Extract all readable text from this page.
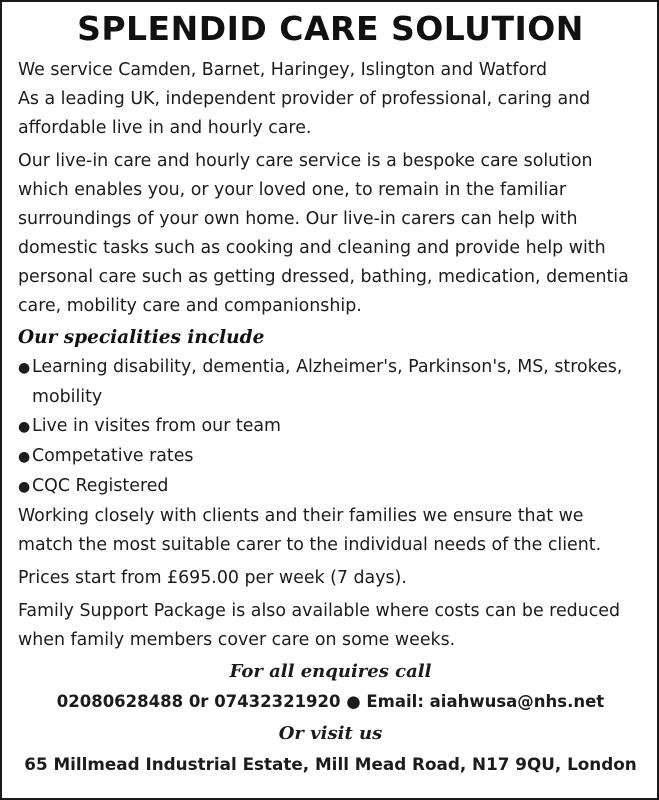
SPLENDID CARE SOLUTION

We service Camden, Barnet, Haringey, Islington and Watford

As a leading UK, independent provider of professional, caring and affordable live in and hourly care.

Our live-in care and hourly care service is a bespoke care solution which enables you, or your loved one, to remain in the familiar surroundings of your own home. Our live-in carers can help with domestic tasks such as cooking and cleaning and provide help with personal care such as getting dressed, bathing, medication, dementia care, mobility care and companionship.

Our specialities include
● Learning disability, dementia, Alzheimer's, Parkinson's, MS, strokes, mobility
● Live in visites from our team
● Competative rates
● CQC Registered

Working closely with clients and their families we ensure that we match the most suitable carer to the individual needs of the client.

Prices start from £695.00 per week (7 days).

Family Support Package is also available where costs can be reduced when family members cover care on some weeks.

For all enquires call

02080628488 0r 07432321920 ● Email: aiahwusa@nhs.net

Or visit us

65 Millmead Industrial Estate, Mill Mead Road, N17 9QU, London
